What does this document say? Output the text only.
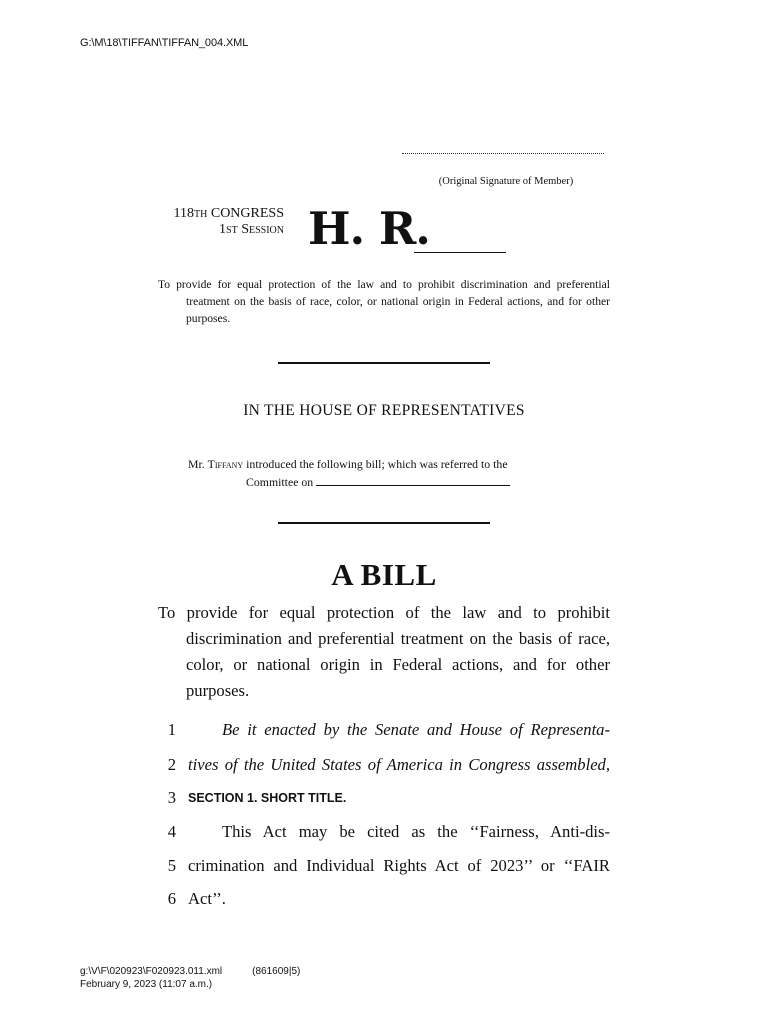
G:\M\18\TIFFAN\TIFFAN_004.XML
(Original Signature of Member)
118th CONGRESS
1st Session H. R.

To provide for equal protection of the law and to prohibit discrimination and preferential treatment on the basis of race, color, or national origin in Federal actions, and for other purposes.

IN THE HOUSE OF REPRESENTATIVES
Mr. Tiffany introduced the following bill; which was referred to the
Committee on
A BILL

To provide for equal protection of the law and to prohibit discrimination and preferential treatment on the basis of race, color, or national origin in Federal actions, and for other purposes.

1	Be it enacted by the Senate and House of Representa-
2 tives of the United States of America in Congress assembled,
3 SECTION 1. SHORT TITLE.
4	This Act may be cited as the ‘‘Fairness, Anti-dis-
5 crimination and Individual Rights Act of 2023’’ or ‘‘FAIR
6 Act’’.
g:\V\F\020923\F020923.011.xml	(861609|5)
February 9, 2023 (11:07 a.m.)
